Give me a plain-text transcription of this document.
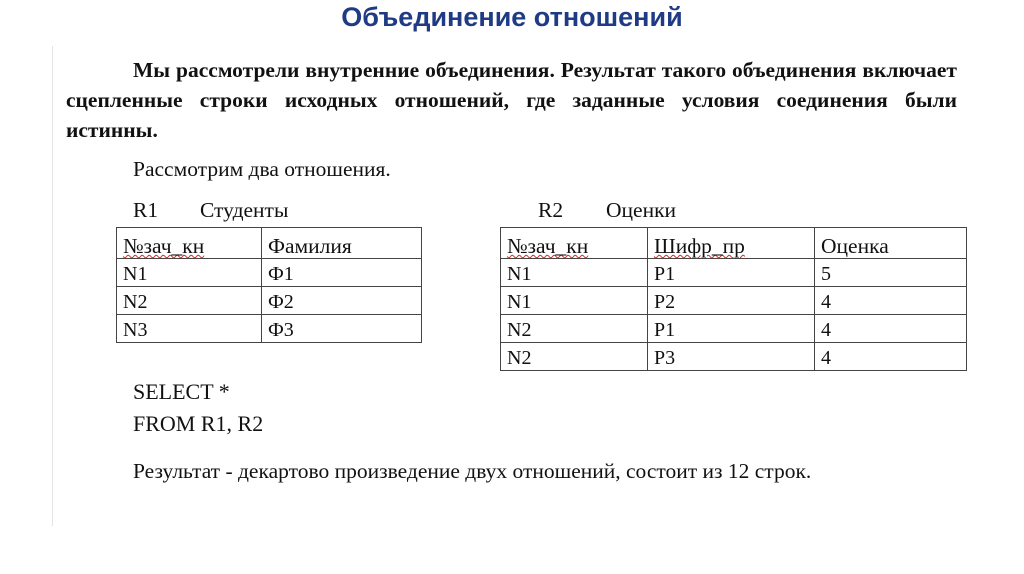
Объединение отношений
Мы рассмотрели внутренние объединения. Результат такого объединения включает сцепленные строки исходных отношений, где заданные условия соединения были истинны.
Рассмотрим два отношения.
R1 Студенты
№зач_кн	Фамилия
N1	Ф1
N2	Ф2
N3	Ф3
R2 Оценки
№зач_кн	Шифр_пр	Оценка
N1	P1	5
N1	P2	4
N2	P1	4
N2	P3	4
SELECT *
FROM R1, R2
Результат - декартово произведение двух отношений, состоит из 12 строк.
